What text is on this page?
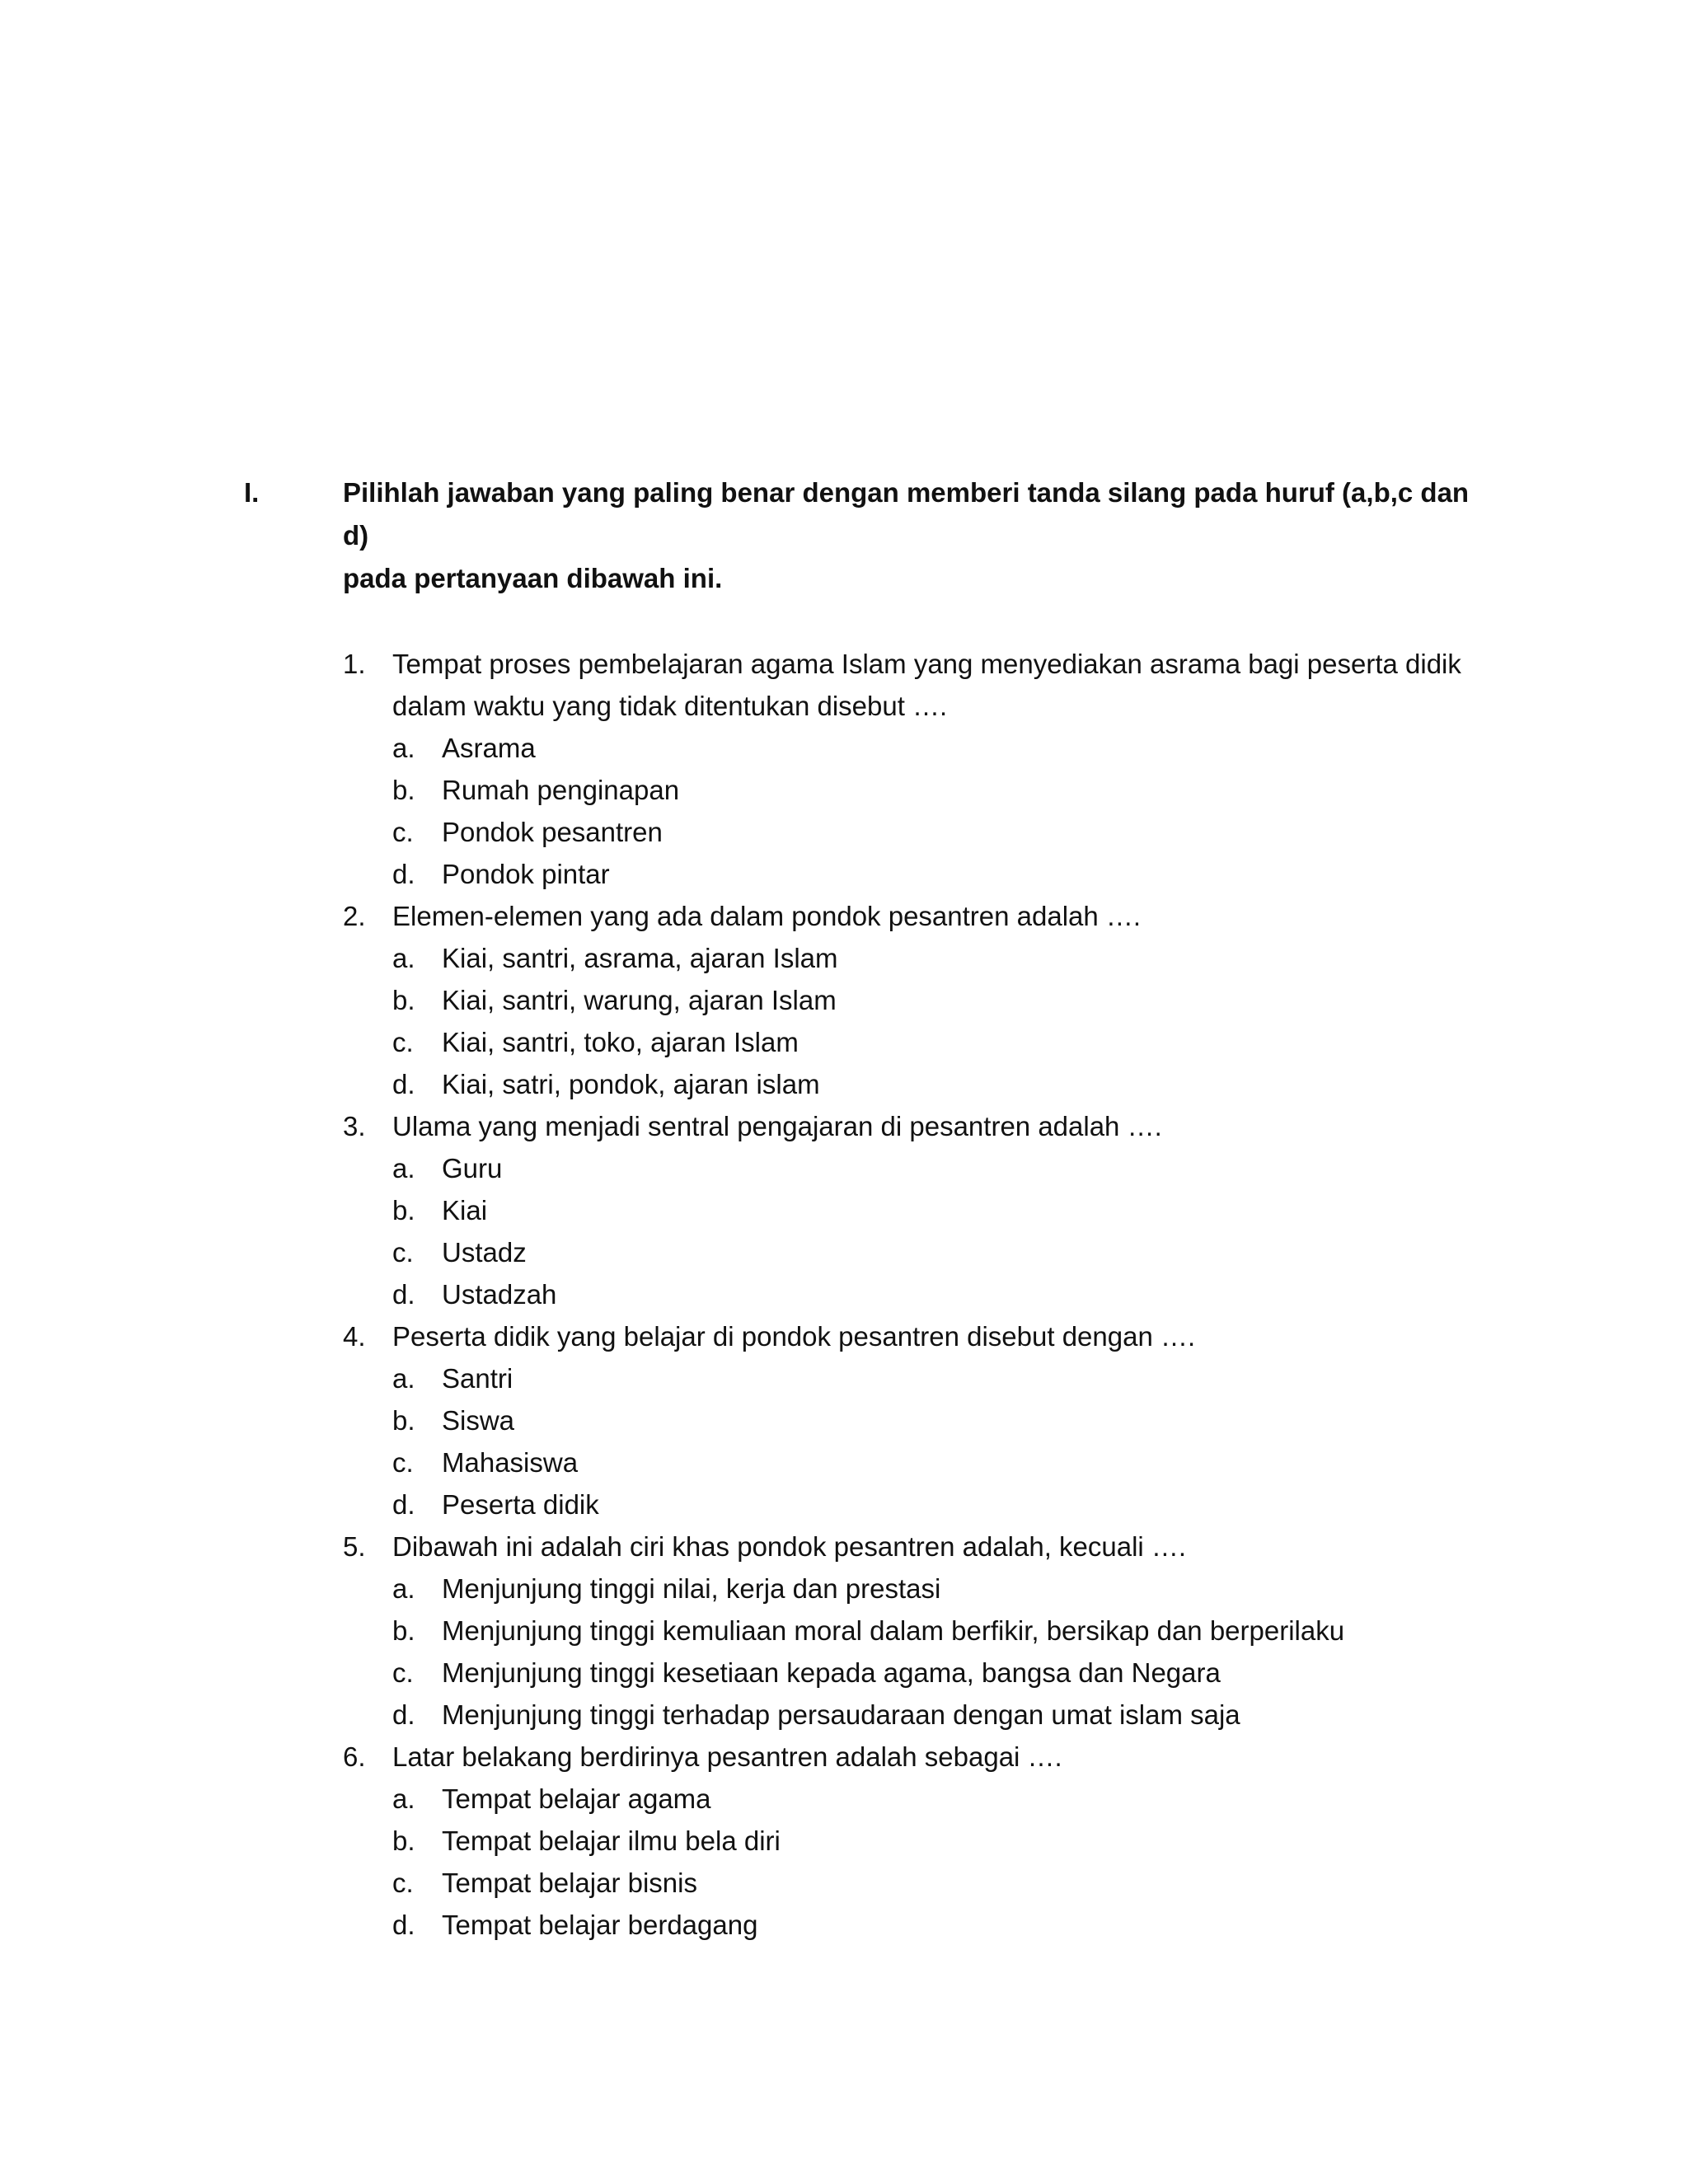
I.	Pilihlah jawaban yang paling benar dengan memberi tanda silang pada huruf (a,b,c dan d)
pada pertanyaan dibawah ini.

1. Tempat proses pembelajaran agama Islam yang menyediakan asrama bagi peserta didik
dalam waktu yang tidak ditentukan disebut ….
a. Asrama
b. Rumah penginapan
c.	Pondok pesantren
d. Pondok pintar
2. Elemen-elemen yang ada dalam pondok pesantren adalah ….
a. Kiai, santri, asrama, ajaran Islam
b. Kiai, santri, warung, ajaran Islam
c.	Kiai, santri, toko, ajaran Islam
d. Kiai, satri, pondok, ajaran islam
3. Ulama yang menjadi sentral pengajaran di pesantren adalah ….
a. Guru
b. Kiai
c.	Ustadz
d. Ustadzah
4. Peserta didik yang belajar di pondok pesantren disebut dengan ….
a. Santri
b. Siswa
c.	Mahasiswa
d. Peserta didik
5. Dibawah ini adalah ciri khas pondok pesantren adalah, kecuali ….
a. Menjunjung tinggi nilai, kerja dan prestasi
b. Menjunjung tinggi kemuliaan moral dalam berfikir, bersikap dan berperilaku
c.	Menjunjung tinggi kesetiaan kepada agama, bangsa dan Negara
d. Menjunjung tinggi terhadap persaudaraan dengan umat islam saja
6. Latar belakang berdirinya pesantren adalah sebagai ….
a. Tempat belajar agama
b. Tempat belajar ilmu bela diri
c.	Tempat belajar bisnis
d. Tempat belajar berdagang
